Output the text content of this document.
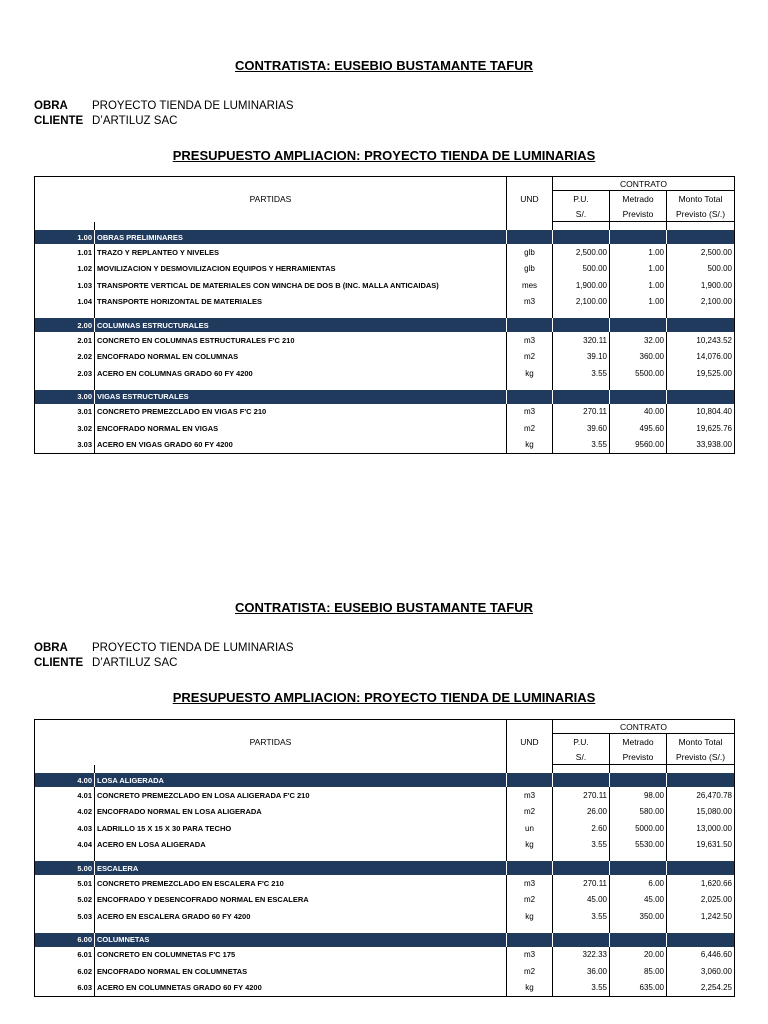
CONTRATISTA: EUSEBIO BUSTAMANTE TAFUR
OBRA PROYECTO TIENDA DE LUMINARIAS
CLIENTE D’ARTILUZ SAC
PRESUPUESTO AMPLIACION: PROYECTO TIENDA DE LUMINARIAS
PARTIDAS		UND	CONTRATO		
			P.U.	Metrado	Monto Total
			S/.	Previsto	Previsto (S/.)

1.00	OBRAS PRELIMINARES				
1.01	TRAZO Y REPLANTEO Y NIVELES	glb	2,500.00	1.00	2,500.00
1.02	MOVILIZACION Y DESMOVILIZACION EQUIPOS Y HERRAMIENTAS	glb	500.00	1.00	500.00
1.03	TRANSPORTE VERTICAL DE MATERIALES CON WINCHA DE DOS B (INC. MALLA ANTICAIDAS)	mes	1,900.00	1.00	1,900.00
1.04	TRANSPORTE HORIZONTAL DE MATERIALES	m3	2,100.00	1.00	2,100.00

2.00	COLUMNAS ESTRUCTURALES				
2.01	CONCRETO EN COLUMNAS ESTRUCTURALES F'C 210	m3	320.11	32.00	10,243.52
2.02	ENCOFRADO NORMAL EN COLUMNAS	m2	39.10	360.00	14,076.00
2.03	ACERO EN COLUMNAS GRADO 60 FY 4200	kg	3.55	5500.00	19,525.00

3.00	VIGAS ESTRUCTURALES				
3.01	CONCRETO PREMEZCLADO EN VIGAS F'C 210	m3	270.11	40.00	10,804.40
3.02	ENCOFRADO NORMAL EN VIGAS	m2	39.60	495.60	19,625.76
3.03	ACERO EN VIGAS GRADO 60 FY 4200	kg	3.55	9560.00	33,938.00
CONTRATISTA: EUSEBIO BUSTAMANTE TAFUR
OBRA PROYECTO TIENDA DE LUMINARIAS
CLIENTE D’ARTILUZ SAC
PRESUPUESTO AMPLIACION: PROYECTO TIENDA DE LUMINARIAS
PARTIDAS		UND	CONTRATO		
			P.U.	Metrado	Monto Total
			S/.	Previsto	Previsto (S/.)

4.00	LOSA ALIGERADA				
4.01	CONCRETO PREMEZCLADO EN LOSA ALIGERADA F'C 210	m3	270.11	98.00	26,470.78
4.02	ENCOFRADO NORMAL EN LOSA ALIGERADA	m2	26.00	580.00	15,080.00
4.03	LADRILLO 15 X 15 X 30 PARA TECHO	un	2.60	5000.00	13,000.00
4.04	ACERO EN LOSA ALIGERADA	kg	3.55	5530.00	19,631.50

5.00	ESCALERA				
5.01	CONCRETO PREMEZCLADO EN ESCALERA F'C 210	m3	270.11	6.00	1,620.66
5.02	ENCOFRADO Y DESENCOFRADO NORMAL EN ESCALERA	m2	45.00	45.00	2,025.00
5.03	ACERO EN ESCALERA GRADO 60 FY 4200	kg	3.55	350.00	1,242.50

6.00	COLUMNETAS				
6.01	CONCRETO EN COLUMNETAS F'C 175	m3	322.33	20.00	6,446.60
6.02	ENCOFRADO NORMAL EN COLUMNETAS	m2	36.00	85.00	3,060.00
6.03	ACERO EN COLUMNETAS GRADO 60 FY 4200	kg	3.55	635.00	2,254.25
